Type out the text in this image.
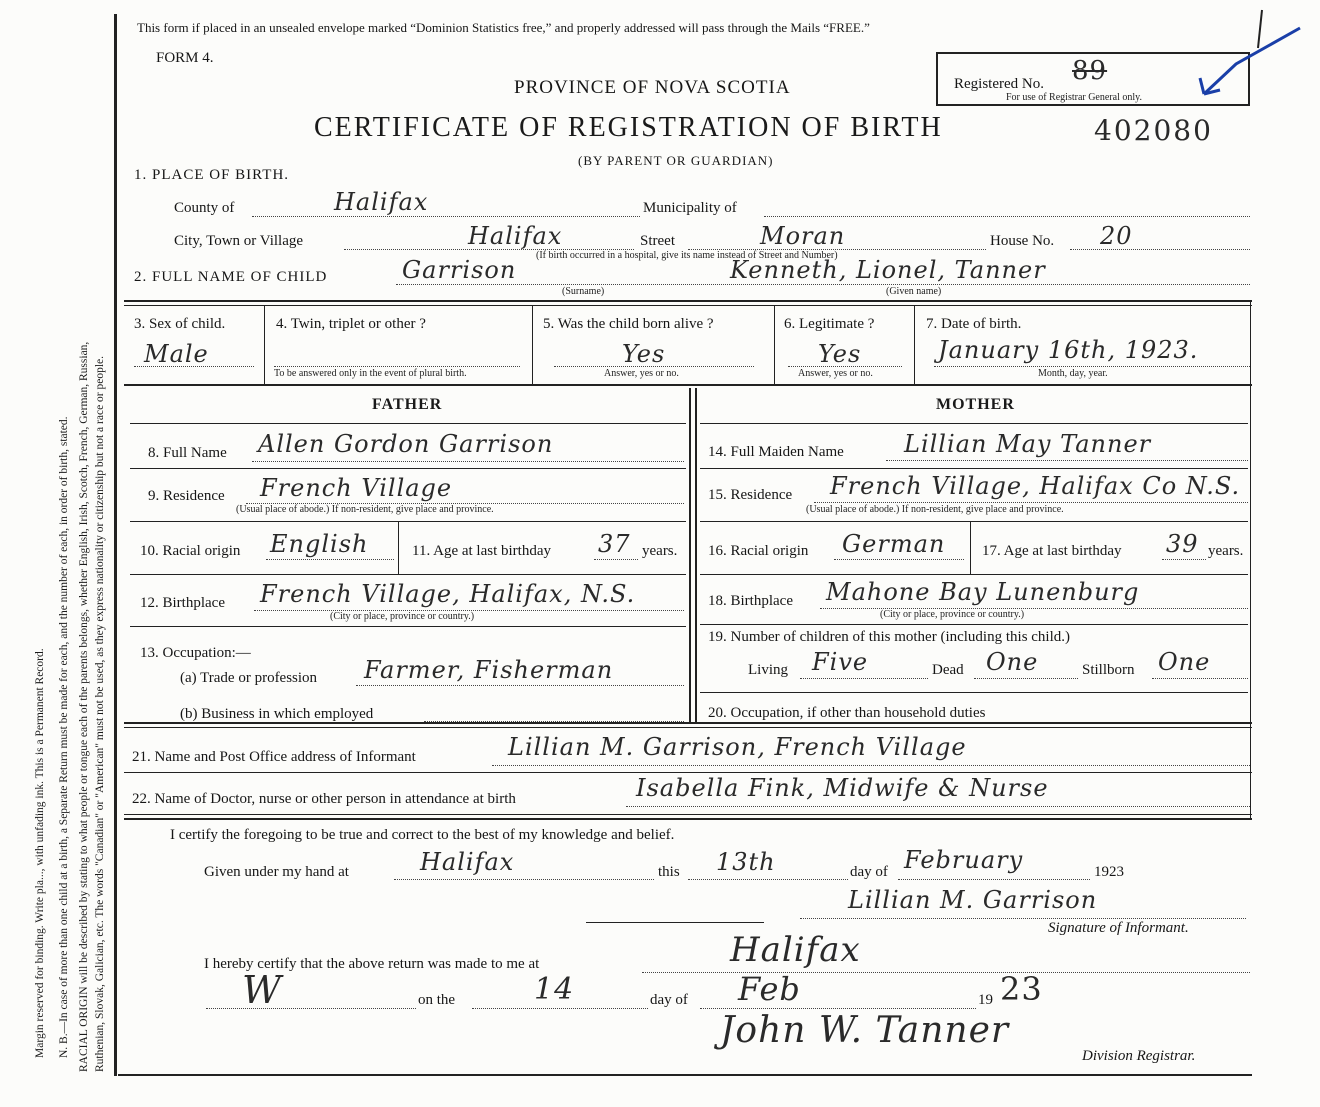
Margin reserved for binding. Write pla..., with unfading ink. This is a Permanent Record. N. B.—In case of more than one child at a birth, a Separate Return must be made for each, and the number of each, in order of birth, stated. RACIAL ORIGIN will be described by stating to what people or tongue each of the parents belongs, whether English, Irish, Scotch, French, German, Russian, Ruthenian, Slovak, Galician, etc. The words "Canadian" or "American" must not be used, as they express nationality or citizenship but not a race or people.
This form if placed in an unsealed envelope marked “Dominion Statistics free,” and properly addressed will pass through the Mails “FREE.”
FORM 4.
PROVINCE OF NOVA SCOTIA
CERTIFICATE OF REGISTRATION OF BIRTH	402080
(BY PARENT OR GUARDIAN)
Registered No. 89
For use of Registrar General only.
1. PLACE OF BIRTH.
County of	Halifax	Municipality of
City, Town or Village	Halifax	Street	Moran	House No. 20
(If birth occurred in a hospital, give its name instead of Street and Number)
2. FULL NAME OF CHILD	Garrison	Kenneth, Lionel, Tanner
(Surname)	(Given name)
3. Sex of child.
Male
4. Twin, triplet or other ?
To be answered only in the event of plural birth.
5. Was the child born alive ?
Yes
Answer, yes or no.
6. Legitimate ?
Yes
Answer, yes or no.
7. Date of birth.
January 16th, 1923.
Month, day, year.
FATHER	MOTHER
8. Full Name Allen Gordon Garrison
9. Residence French Village
(Usual place of abode.) If non-resident, give place and province.
10. Racial origin English	11. Age at last birthday 37 years.
12. Birthplace French Village, Halifax, N.S.
(City or place, province or country.)
13. Occupation:—
(a) Trade or profession Farmer, Fisherman
(b) Business in which employed
14. Full Maiden Name	Lillian May Tanner
15. Residence French Village, Halifax Co N.S.
(Usual place of abode.) If non-resident, give place and province.
16. Racial origin German 17. Age at last birthday 39 years.
18. Birthplace Mahone Bay Lunenburg
(City or place, province or country.)
19. Number of children of this mother (including this child.)
Living Five	Dead One	Stillborn One
20. Occupation, if other than household duties
21. Name and Post Office address of Informant	Lillian M. Garrison, French Village
22. Name of Doctor, nurse or other person in attendance at birth	Isabella Fink, Midwife & Nurse
I certify the foregoing to be true and correct to the best of my knowledge and belief.
Given under my hand at	Halifax	this 13th	day of February	1923
Lillian M. Garrison
Signature of Informant.
I hereby certify that the above return was made to me at	Halifax
W	on the	14	day of Feb	19 23
John W. Tanner
Division Registrar.
